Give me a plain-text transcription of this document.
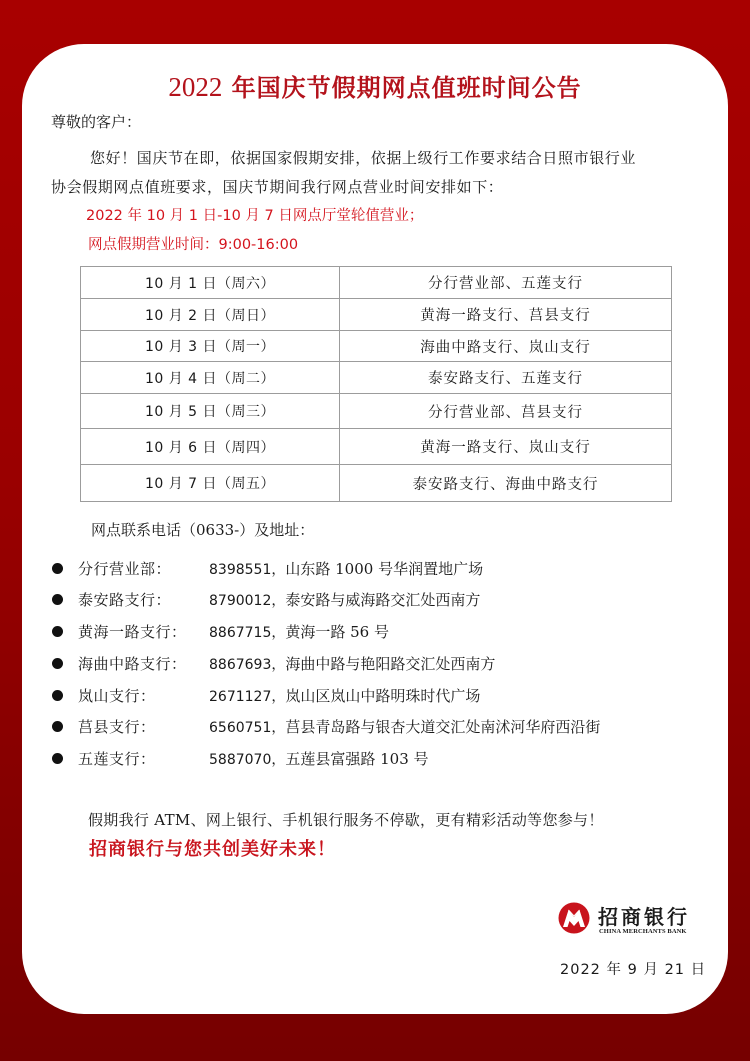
2022 年国庆节假期网点值班时间公告
尊敬的客户：
您好！国庆节在即，依据国家假期安排，依据上级行工作要求结合日照市银行业
协会假期网点值班要求，国庆节期间我行网点营业时间安排如下：
2022 年 10 月 1 日-10 月 7 日网点厅堂轮值营业；
网点假期营业时间：9:00-16:00
10 月 1 日（周六）	分行营业部、五莲支行
10 月 2 日（周日）	黄海一路支行、莒县支行
10 月 3 日（周一）	海曲中路支行、岚山支行
10 月 4 日（周二）	泰安路支行、五莲支行
10 月 5 日（周三）	分行营业部、莒县支行
10 月 6 日（周四）	黄海一路支行、岚山支行
10 月 7 日（周五）	泰安路支行、海曲中路支行
网点联系电话（0633-）及地址：
分行营业部：	8398551，山东路 1000 号华润置地广场
泰安路支行：	8790012，泰安路与威海路交汇处西南方
黄海一路支行： 8867715，黄海一路 56 号
海曲中路支行： 8867693，海曲中路与艳阳路交汇处西南方
岚山支行：	2671127，岚山区岚山中路明珠时代广场
莒县支行：	6560751，莒县青岛路与银杏大道交汇处南沭河华府西沿街
五莲支行：	5887070，五莲县富强路 103 号
假期我行 ATM、网上银行、手机银行服务不停歇，更有精彩活动等您参与！
招商银行与您共创美好未来！
招商银行
CHINA MERCHANTS BANK
2022 年 9 月 21 日
